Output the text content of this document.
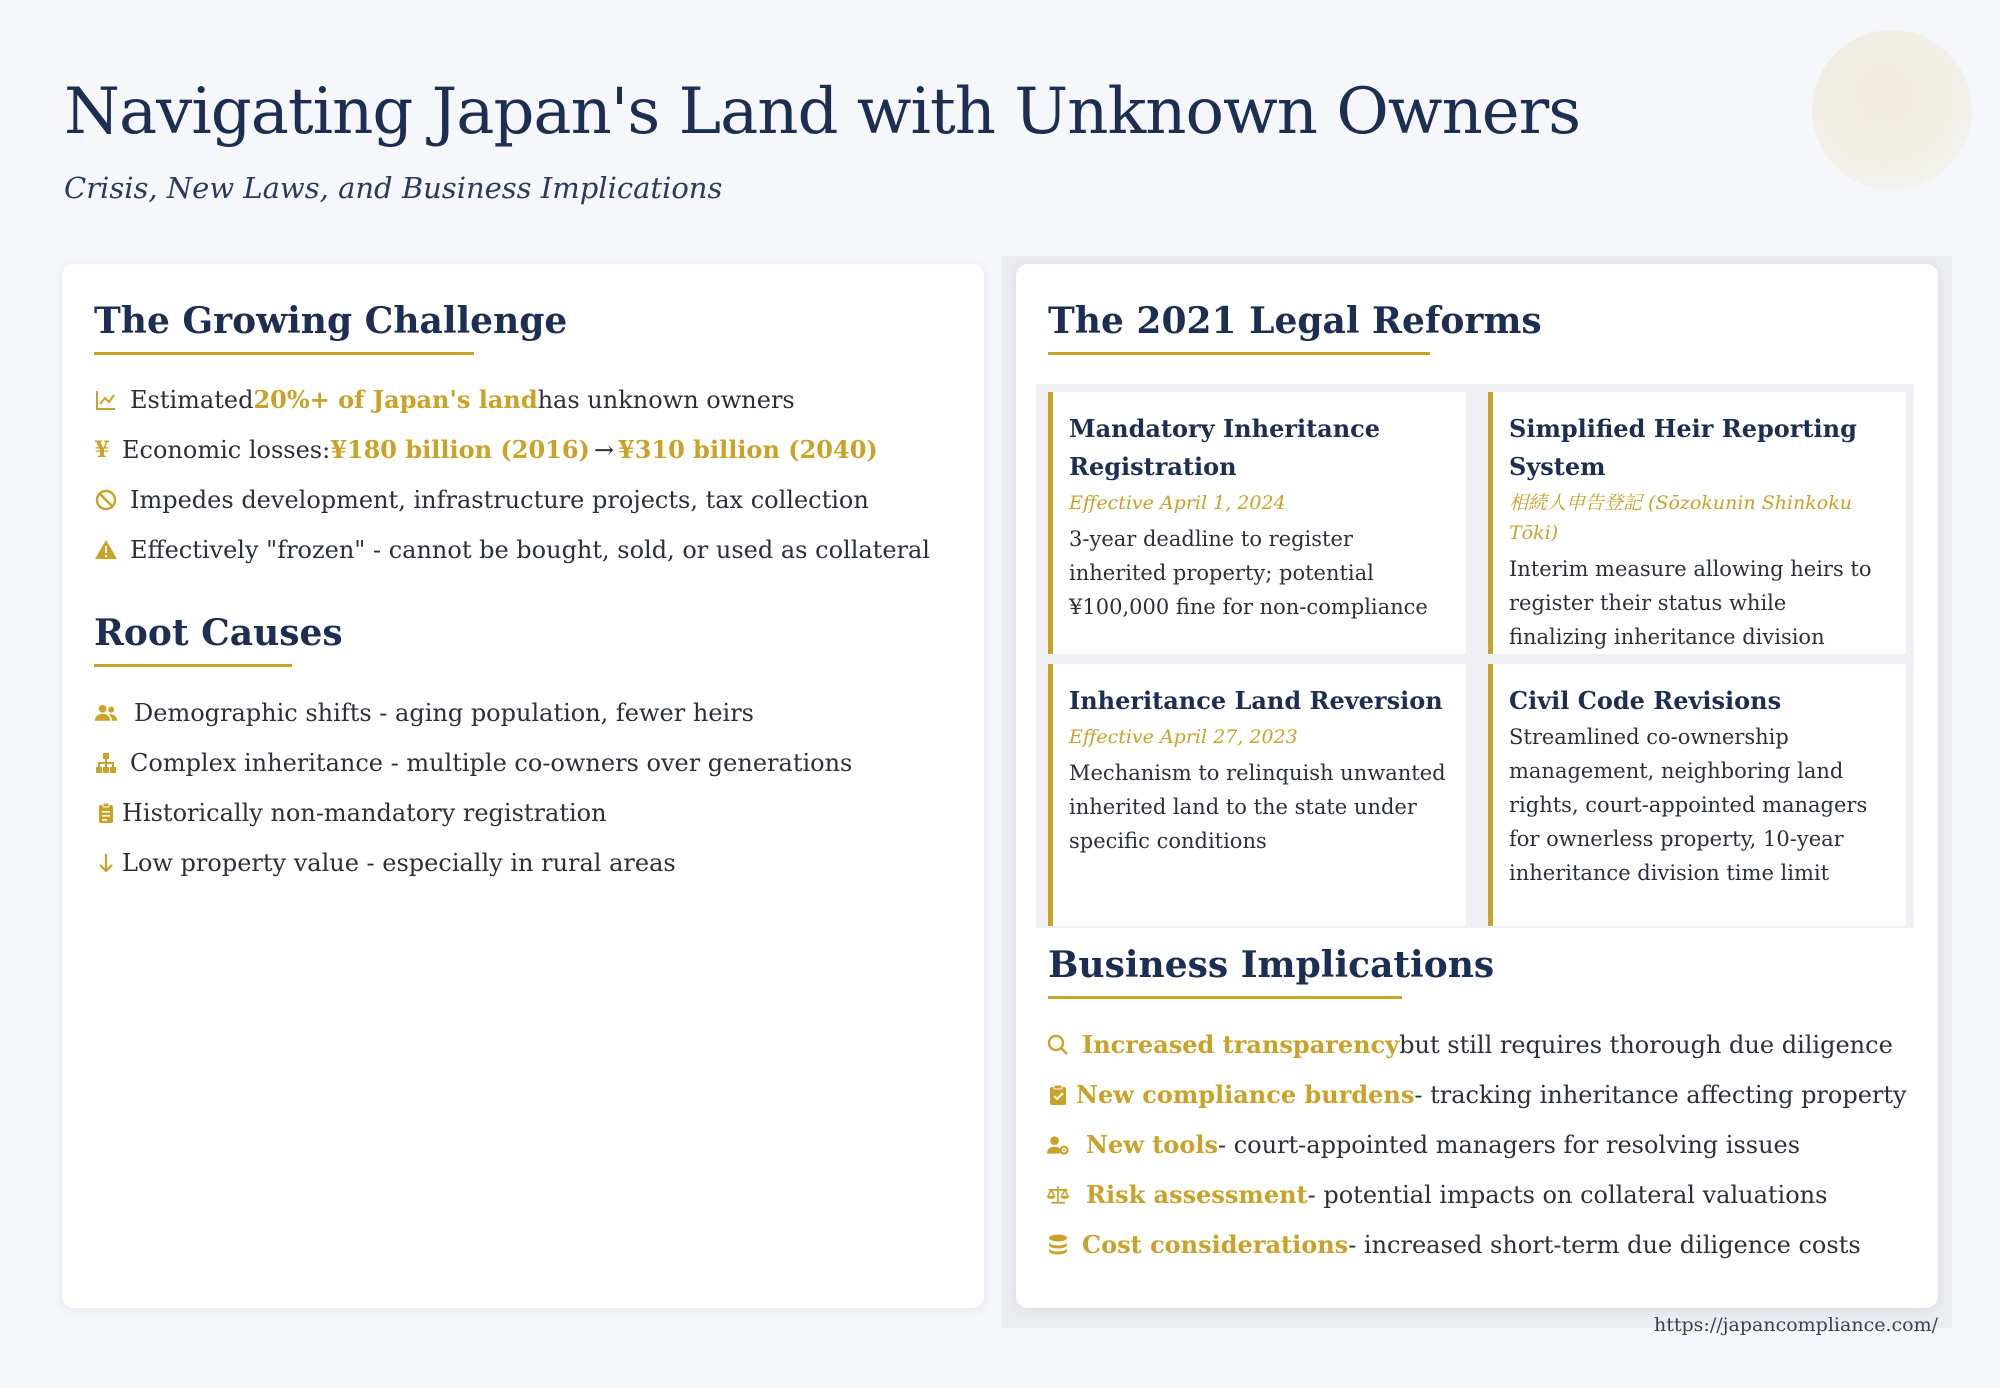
Navigating Japan's Land with Unknown Owners

Crisis, New Laws, and Business Implications

The Growing Challenge
Estimated 20%+ of Japan's land has unknown owners
¥ Economic losses: ¥180 billion (2016) → ¥310 billion (2040)
Impedes development, infrastructure projects, tax collection
Effectively "frozen" - cannot be bought, sold, or used as collateral
Root Causes
Demographic shifts - aging population, fewer heirs
Complex inheritance - multiple co-owners over generations
Historically non-mandatory registration
Low property value - especially in rural areas
The 2021 Legal Reforms
Mandatory Inheritance Registration
Effective April 1, 2024

3-year deadline to register inherited property; potential ¥100,000 fine for non-compliance

Simplified Heir Reporting System
相続人申告登記 (Sōzokunin Shinkoku Tōki)

Interim measure allowing heirs to register their status while finalizing inheritance division

Inheritance Land Reversion
Effective April 27, 2023

Mechanism to relinquish unwanted inherited land to the state under specific conditions

Civil Code Revisions

Streamlined co-ownership management, neighboring land rights, court-appointed managers for ownerless property, 10-year inheritance division time limit

Business Implications
Increased transparency but still requires thorough due diligence
New compliance burdens - tracking inheritance affecting property
New tools - court-appointed managers for resolving issues
Risk assessment - potential impacts on collateral valuations
Cost considerations - increased short-term due diligence costs
https://japancompliance.com/
